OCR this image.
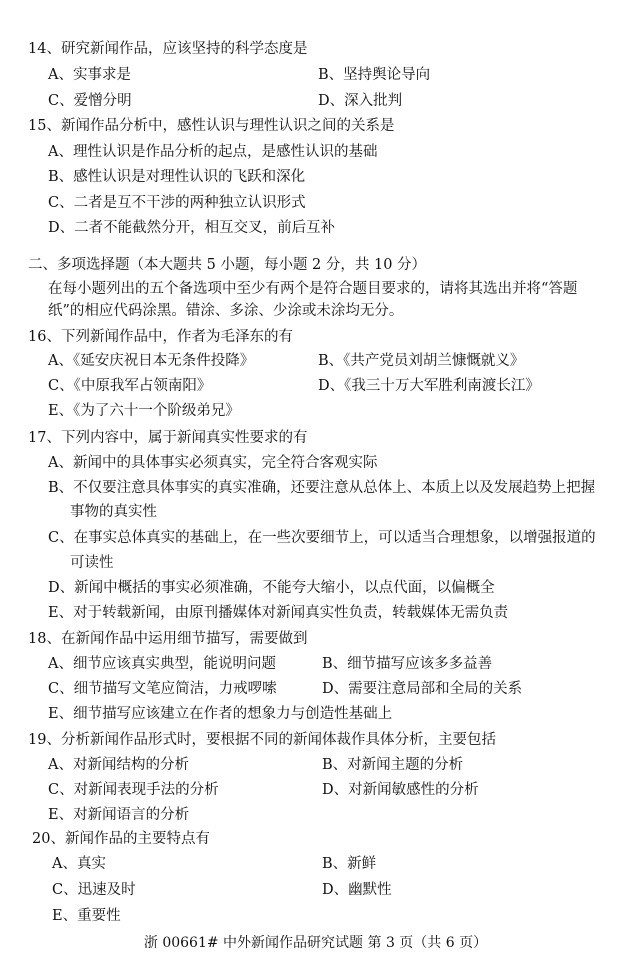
14、研究新闻作品，应该坚持的科学态度是
A、实事求是	B、坚持舆论导向
C、爱憎分明	D、深入批判
15、新闻作品分析中，感性认识与理性认识之间的关系是
A、理性认识是作品分析的起点，是感性认识的基础
B、感性认识是对理性认识的飞跃和深化
C、二者是互不干涉的两种独立认识形式
D、二者不能截然分开，相互交叉，前后互补
二、多项选择题（本大题共 5 小题，每小题 2 分，共 10 分）
在每小题列出的五个备选项中至少有两个是符合题目要求的，请将其选出并将“答题
纸”的相应代码涂黑。错涂、多涂、少涂或未涂均无分。
16、下列新闻作品中，作者为毛泽东的有
A、《延安庆祝日本无条件投降》	B、《共产党员刘胡兰慷慨就义》
C、《中原我军占领南阳》	D、《我三十万大军胜利南渡长江》
E、《为了六十一个阶级弟兄》
17、下列内容中，属于新闻真实性要求的有
A、新闻中的具体事实必须真实，完全符合客观实际
B、不仅要注意具体事实的真实准确，还要注意从总体上、本质上以及发展趋势上把握
事物的真实性
C、在事实总体真实的基础上，在一些次要细节上，可以适当合理想象，以增强报道的
可读性
D、新闻中概括的事实必须准确，不能夸大缩小，以点代面，以偏概全
E、对于转载新闻，由原刊播媒体对新闻真实性负责，转载媒体无需负责
18、在新闻作品中运用细节描写，需要做到
A、细节应该真实典型，能说明问题	B、细节描写应该多多益善
C、细节描写文笔应简洁，力戒啰嗦	D、需要注意局部和全局的关系
E、细节描写应该建立在作者的想象力与创造性基础上
19、分析新闻作品形式时，要根据不同的新闻体裁作具体分析，主要包括
A、对新闻结构的分析	B、对新闻主题的分析
C、对新闻表现手法的分析	D、对新闻敏感性的分析
E、对新闻语言的分析
20、新闻作品的主要特点有
A、真实	B、新鲜
C、迅速及时	D、幽默性
E、重要性
浙 00661# 中外新闻作品研究试题 第 3 页（共 6 页）
